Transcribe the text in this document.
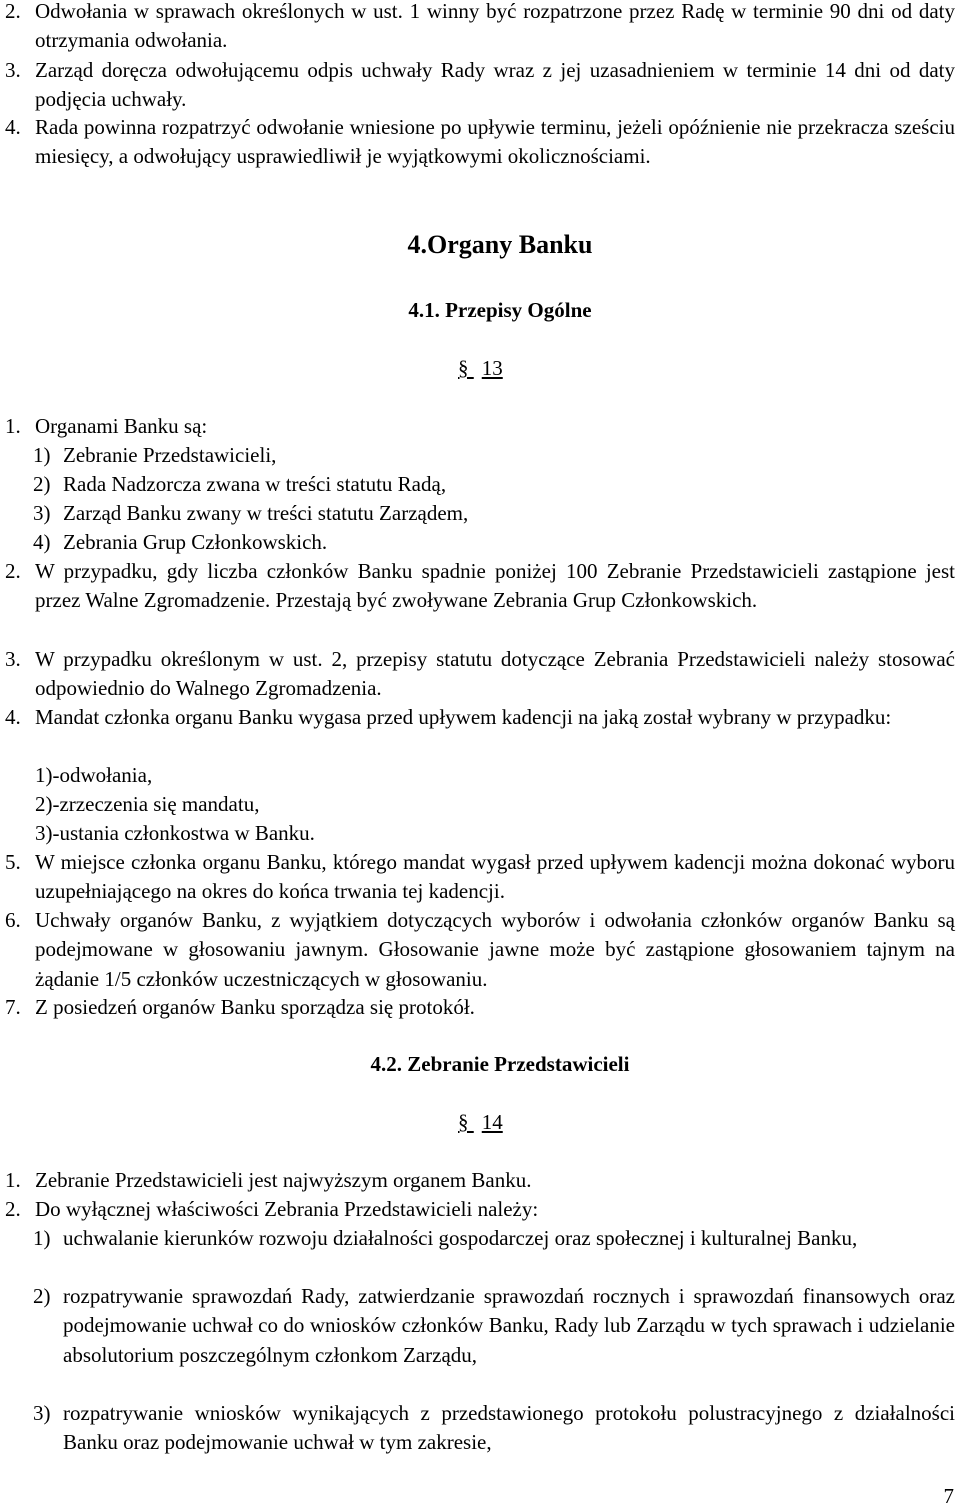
2. Odwołania w sprawach określonych w ust. 1 winny być rozpatrzone przez Radę w terminie 90 dni od daty otrzymania odwołania.
3. Zarząd doręcza odwołującemu odpis uchwały Rady wraz z jej uzasadnieniem w terminie 14 dni od daty podjęcia uchwały.
4. Rada powinna rozpatrzyć odwołanie wniesione po upływie terminu, jeżeli opóźnienie nie przekracza sześciu miesięcy, a odwołujący usprawiedliwił je wyjątkowymi okolicznościami.
4.Organy Banku
4.1. Przepisy Ogólne
§ 13
1. Organami Banku są:
1) Zebranie Przedstawicieli,
2) Rada Nadzorcza zwana w treści statutu Radą,
3) Zarząd Banku zwany w treści statutu Zarządem,
4) Zebrania Grup Członkowskich.
2. W przypadku, gdy liczba członków Banku spadnie poniżej 100 Zebranie Przedstawicieli zastąpione jest przez Walne Zgromadzenie. Przestają być zwoływane Zebrania Grup Członkowskich.
3. W przypadku określonym w ust. 2, przepisy statutu dotyczące Zebrania Przedstawicieli należy stosować odpowiednio do Walnego Zgromadzenia.
4. Mandat członka organu Banku wygasa przed upływem kadencji na jaką został wybrany w przypadku:
1)-odwołania,
2)-zrzeczenia się mandatu,
3)-ustania członkostwa w Banku.
5. W miejsce członka organu Banku, którego mandat wygasł przed upływem kadencji można dokonać wyboru uzupełniającego na okres do końca trwania tej kadencji.
6. Uchwały organów Banku, z wyjątkiem dotyczących wyborów i odwołania członków organów Banku są podejmowane w głosowaniu jawnym. Głosowanie jawne może być zastąpione głosowaniem tajnym na żądanie 1/5 członków uczestniczących w głosowaniu.
7. Z posiedzeń organów Banku sporządza się protokół.
4.2. Zebranie Przedstawicieli
§ 14
1. Zebranie Przedstawicieli jest najwyższym organem Banku.
2. Do wyłącznej właściwości Zebrania Przedstawicieli należy:
1) uchwalanie kierunków rozwoju działalności gospodarczej oraz społecznej i kulturalnej Banku,
2) rozpatrywanie sprawozdań Rady, zatwierdzanie sprawozdań rocznych i sprawozdań finansowych oraz podejmowanie uchwał co do wniosków członków Banku, Rady lub Zarządu w tych sprawach i udzielanie absolutorium poszczególnym członkom Zarządu,
3) rozpatrywanie wniosków wynikających z przedstawionego protokołu polustracyjnego z działalności Banku oraz podejmowanie uchwał w tym zakresie,
7
